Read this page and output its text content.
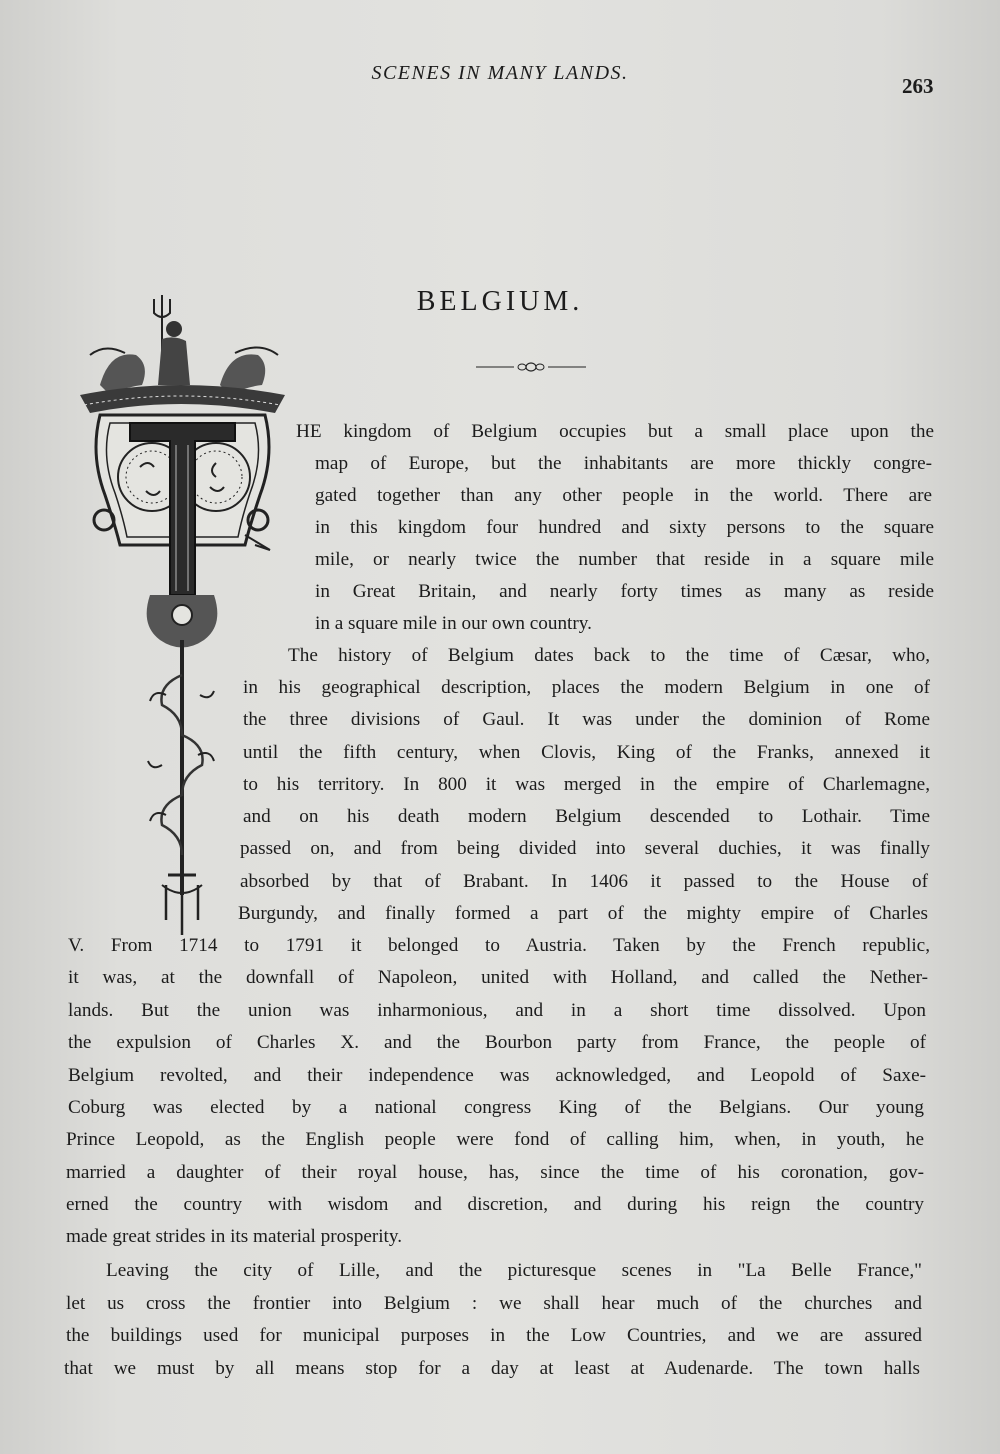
SCENES IN MANY LANDS.
263
BELGIUM.

HE kingdom of Belgium occupies but a small place upon the

map of Europe, but the inhabitants are more thickly congre-

gated together than any other people in the world. There are

in this kingdom four hundred and sixty persons to the square

mile, or nearly twice the number that reside in a square mile

in Great Britain, and nearly forty times as many as reside

in a square mile in our own country.

The history of Belgium dates back to the time of Cæsar, who,

in his geographical description, places the modern Belgium in one of

the three divisions of Gaul. It was under the dominion of Rome

until the fifth century, when Clovis, King of the Franks, annexed it

to his territory. In 800 it was merged in the empire of Charlemagne,

and on his death modern Belgium descended to Lothair. Time

passed on, and from being divided into several duchies, it was finally

absorbed by that of Brabant. In 1406 it passed to the House of

Burgundy, and finally formed a part of the mighty empire of Charles

V. From 1714 to 1791 it belonged to Austria. Taken by the French republic,

it was, at the downfall of Napoleon, united with Holland, and called the Nether-

lands. But the union was inharmonious, and in a short time dissolved. Upon

the expulsion of Charles X. and the Bourbon party from France, the people of

Belgium revolted, and their independence was acknowledged, and Leopold of Saxe-

Coburg was elected by a national congress King of the Belgians. Our young

Prince Leopold, as the English people were fond of calling him, when, in youth, he

married a daughter of their royal house, has, since the time of his coronation, gov-

erned the country with wisdom and discretion, and during his reign the country

made great strides in its material prosperity.

Leaving the city of Lille, and the picturesque scenes in "La Belle France,"

let us cross the frontier into Belgium : we shall hear much of the churches and

the buildings used for municipal purposes in the Low Countries, and we are assured

that we must by all means stop for a day at least at Audenarde. The town halls
